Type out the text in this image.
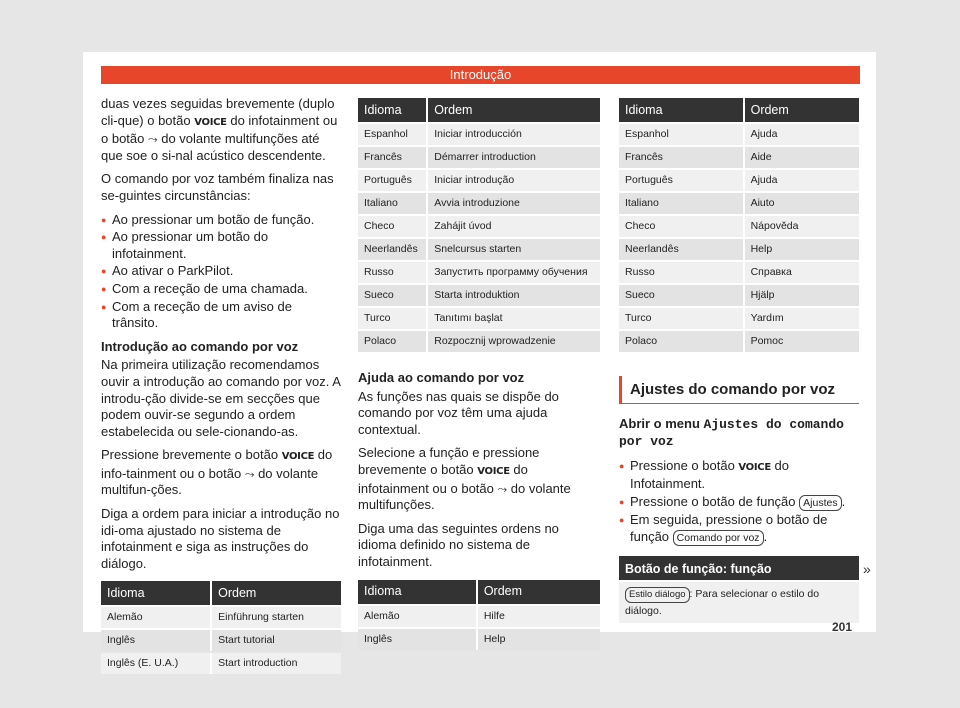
Introdução

duas vezes seguidas brevemente (duplo cli-que) o botão VOICE do infotainment ou o botão ⤳ do volante multifunções até que soe o si-nal acústico descendente.

O comando por voz também finaliza nas se-guintes circunstâncias:

● Ao pressionar um botão de função.
● Ao pressionar um botão do infotainment.
● Ao ativar o ParkPilot.
● Com a receção de uma chamada.
● Com a receção de um aviso de trânsito.
Introdução ao comando por voz

Na primeira utilização recomendamos ouvir a introdução ao comando por voz. A introdu-ção divide-se em secções que podem ouvir-se segundo a ordem estabelecida ou sele-cionando-as.

Pressione brevemente o botão VOICE do info-tainment ou o botão ⤳ do volante multifun-ções.

Diga a ordem para iniciar a introdução no idi-oma ajustado no sistema de infotainment e siga as instruções do diálogo.

Idioma	Ordem
Alemão	Einführung starten
Inglês	Start tutorial
Inglês (E. U.A.)	Start introduction
Idioma	Ordem
Espanhol	Iniciar introducción
Francês	Démarrer introduction
Português	Iniciar introdução
Italiano	Avvia introduzione
Checo	Zahájit úvod
Neerlandês	Snelcursus starten
Russo	Запустить программу обучения
Sueco	Starta introduktion
Turco	Tanıtımı başlat
Polaco	Rozpocznij wprowadzenie
Ajuda ao comando por voz

As funções nas quais se dispõe do comando por voz têm uma ajuda contextual.

Selecione a função e pressione brevemente o botão VOICE do infotainment ou o botão ⤳ do volante multifunções.

Diga uma das seguintes ordens no idioma definido no sistema de infotainment.

Idioma	Ordem
Alemão	Hilfe
Inglês	Help
Idioma	Ordem
Espanhol	Ajuda
Francês	Aide
Português	Ajuda
Italiano	Aiuto
Checo	Nápověda
Neerlandês	Help
Russo	Справка
Sueco	Hjälp
Turco	Yardım
Polaco	Pomoc
Ajustes do comando por voz

Abrir o menu Ajustes do comando por voz

● Pressione o botão VOICE do Infotainment.
● Pressione o botão de função Ajustes .
● Em seguida, pressione o botão de função Comando por voz .
Botão de função: função
Estilo diálogo : Para selecionar o estilo do diálogo.
»
201
